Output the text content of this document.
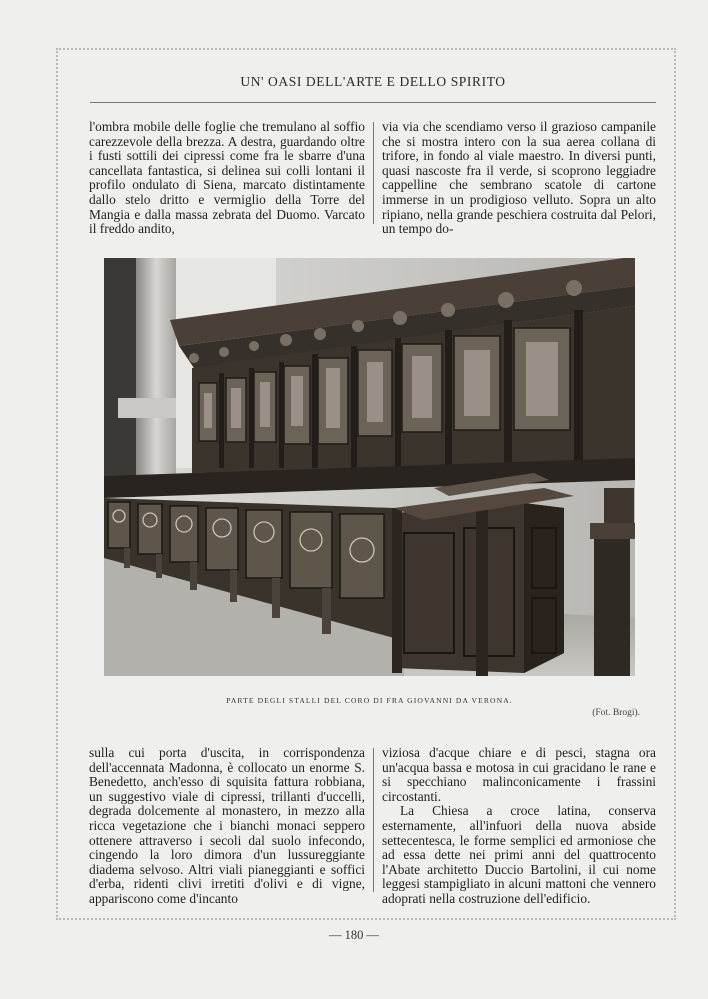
UN' OASI DELL'ARTE E DELLO SPIRITO

l'ombra mobile delle foglie che tremulano al soffio carezzevole della brezza. A destra, guardando oltre i fusti sottili dei cipressi come fra le sbarre d'una cancellata fantastica, si delinea sui colli lontani il profilo ondulato di Siena, marcato distintamente dallo stelo dritto e vermiglio della Torre del Mangia e dalla massa zebrata del Duomo. Varcato il freddo andito,

via via che scendiamo verso il grazioso campanile che si mostra intero con la sua aerea collana di trifore, in fondo al viale maestro. In diversi punti, quasi nascoste fra il verde, si scoprono leggiadre cappelline che sembrano scatole di cartone immerse in un prodigioso velluto. Sopra un alto ripiano, nella grande peschiera costruita dal Pelori, un tempo do-

PARTE DEGLI STALLI DEL CORO DI FRA GIOVANNI DA VERONA.
(Fot. Brogi).

sulla cui porta d'uscita, in corrispondenza dell'accennata Madonna, è collocato un enorme S. Benedetto, anch'esso di squisita fattura robbiana, un suggestivo viale di cipressi, trillanti d'uccelli, degrada dolcemente al monastero, in mezzo alla ricca vegetazione che i bianchi monaci seppero ottenere attraverso i secoli dal suolo infecondo, cingendo la loro dimora d'un lussureggiante diadema selvoso. Altri viali pianeggianti e soffici d'erba, ridenti clivi irretiti d'olivi e di vigne, appariscono come d'incanto

viziosa d'acque chiare e di pesci, stagna ora un'acqua bassa e motosa in cui gracidano le rane e si specchiano malinconicamente i frassini circostanti.

La Chiesa a croce latina, conserva esternamente, all'infuori della nuova abside settecentesca, le forme semplici ed armoniose che ad essa dette nei primi anni del quattrocento l'Abate architetto Duccio Bartolini, il cui nome leggesi stampigliato in alcuni mattoni che vennero adoprati nella costruzione dell'edificio.

— 180 —
